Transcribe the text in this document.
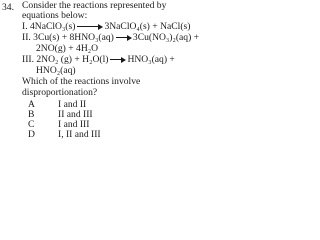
34. Consider the reactions represented by
equations below:
I. 4NaClO₃(s)	3NaClO₄(s) + NaCl(s)
II. 3Cu(s) + 8HNO₃(aq) 3Cu(NO₃)₂(aq) +
2NO(g) + 4H₂O
III. 2NO₂ (g) + H₂O(l) HNO₃(aq) +
HNO₂(aq)
Which of the reactions involve
disproportionation?
A I and II
B II and III
C I and III
D I, II and III
